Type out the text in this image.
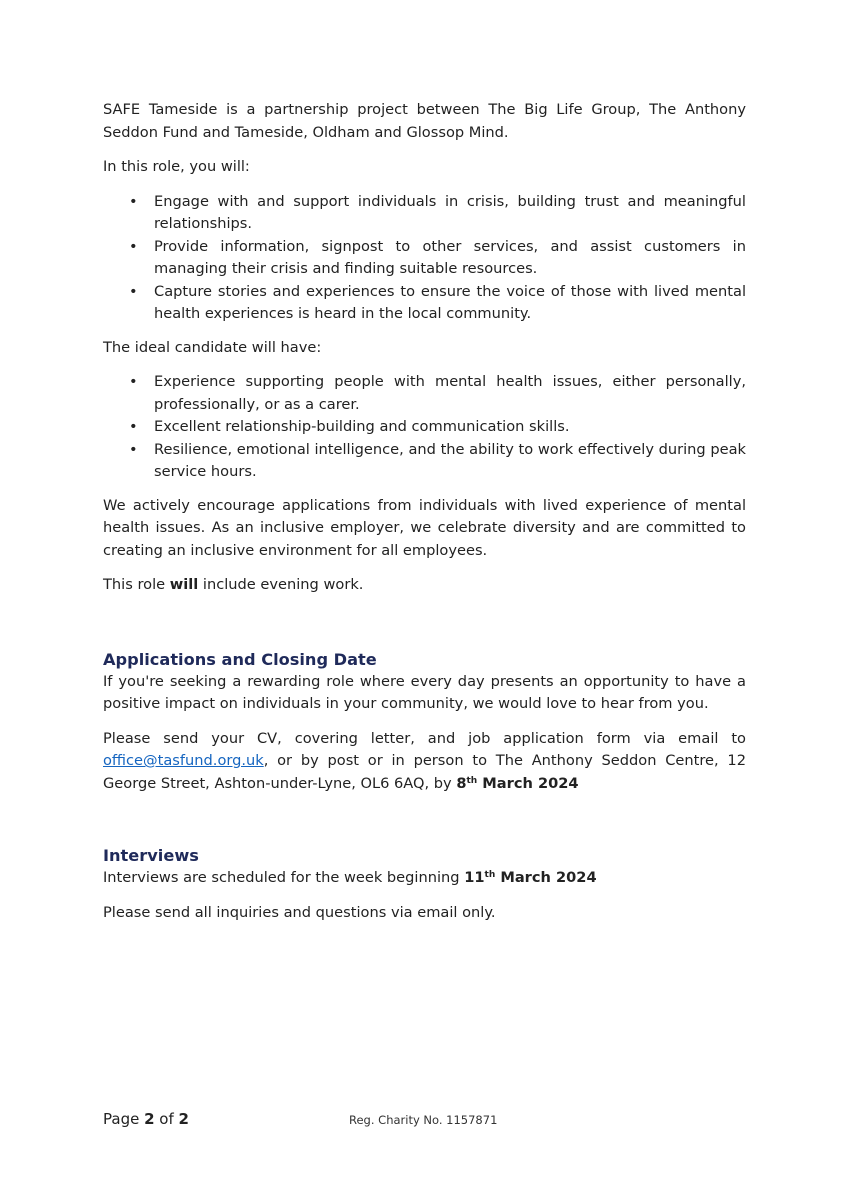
SAFE Tameside is a partnership project between The Big Life Group, The Anthony Seddon Fund and Tameside, Oldham and Glossop Mind.

In this role, you will:

• Engage with and support individuals in crisis, building trust and meaningful relationships.
• Provide information, signpost to other services, and assist customers in managing their crisis and finding suitable resources.
• Capture stories and experiences to ensure the voice of those with lived mental health experiences is heard in the local community.

The ideal candidate will have:

• Experience supporting people with mental health issues, either personally, professionally, or as a carer.
• Excellent relationship-building and communication skills.
• Resilience, emotional intelligence, and the ability to work effectively during peak service hours.

We actively encourage applications from individuals with lived experience of mental health issues. As an inclusive employer, we celebrate diversity and are committed to creating an inclusive environment for all employees.

This role will include evening work.

Applications and Closing Date

If you're seeking a rewarding role where every day presents an opportunity to have a positive impact on individuals in your community, we would love to hear from you.

Please send your CV, covering letter, and job application form via email to office@tasfund.org.uk, or by post or in person to The Anthony Seddon Centre, 12 George Street, Ashton-under-Lyne, OL6 6AQ, by 8th March 2024

Interviews

Interviews are scheduled for the week beginning 11th March 2024

Please send all inquiries and questions via email only.

Page 2 of 2	Reg. Charity No. 1157871
